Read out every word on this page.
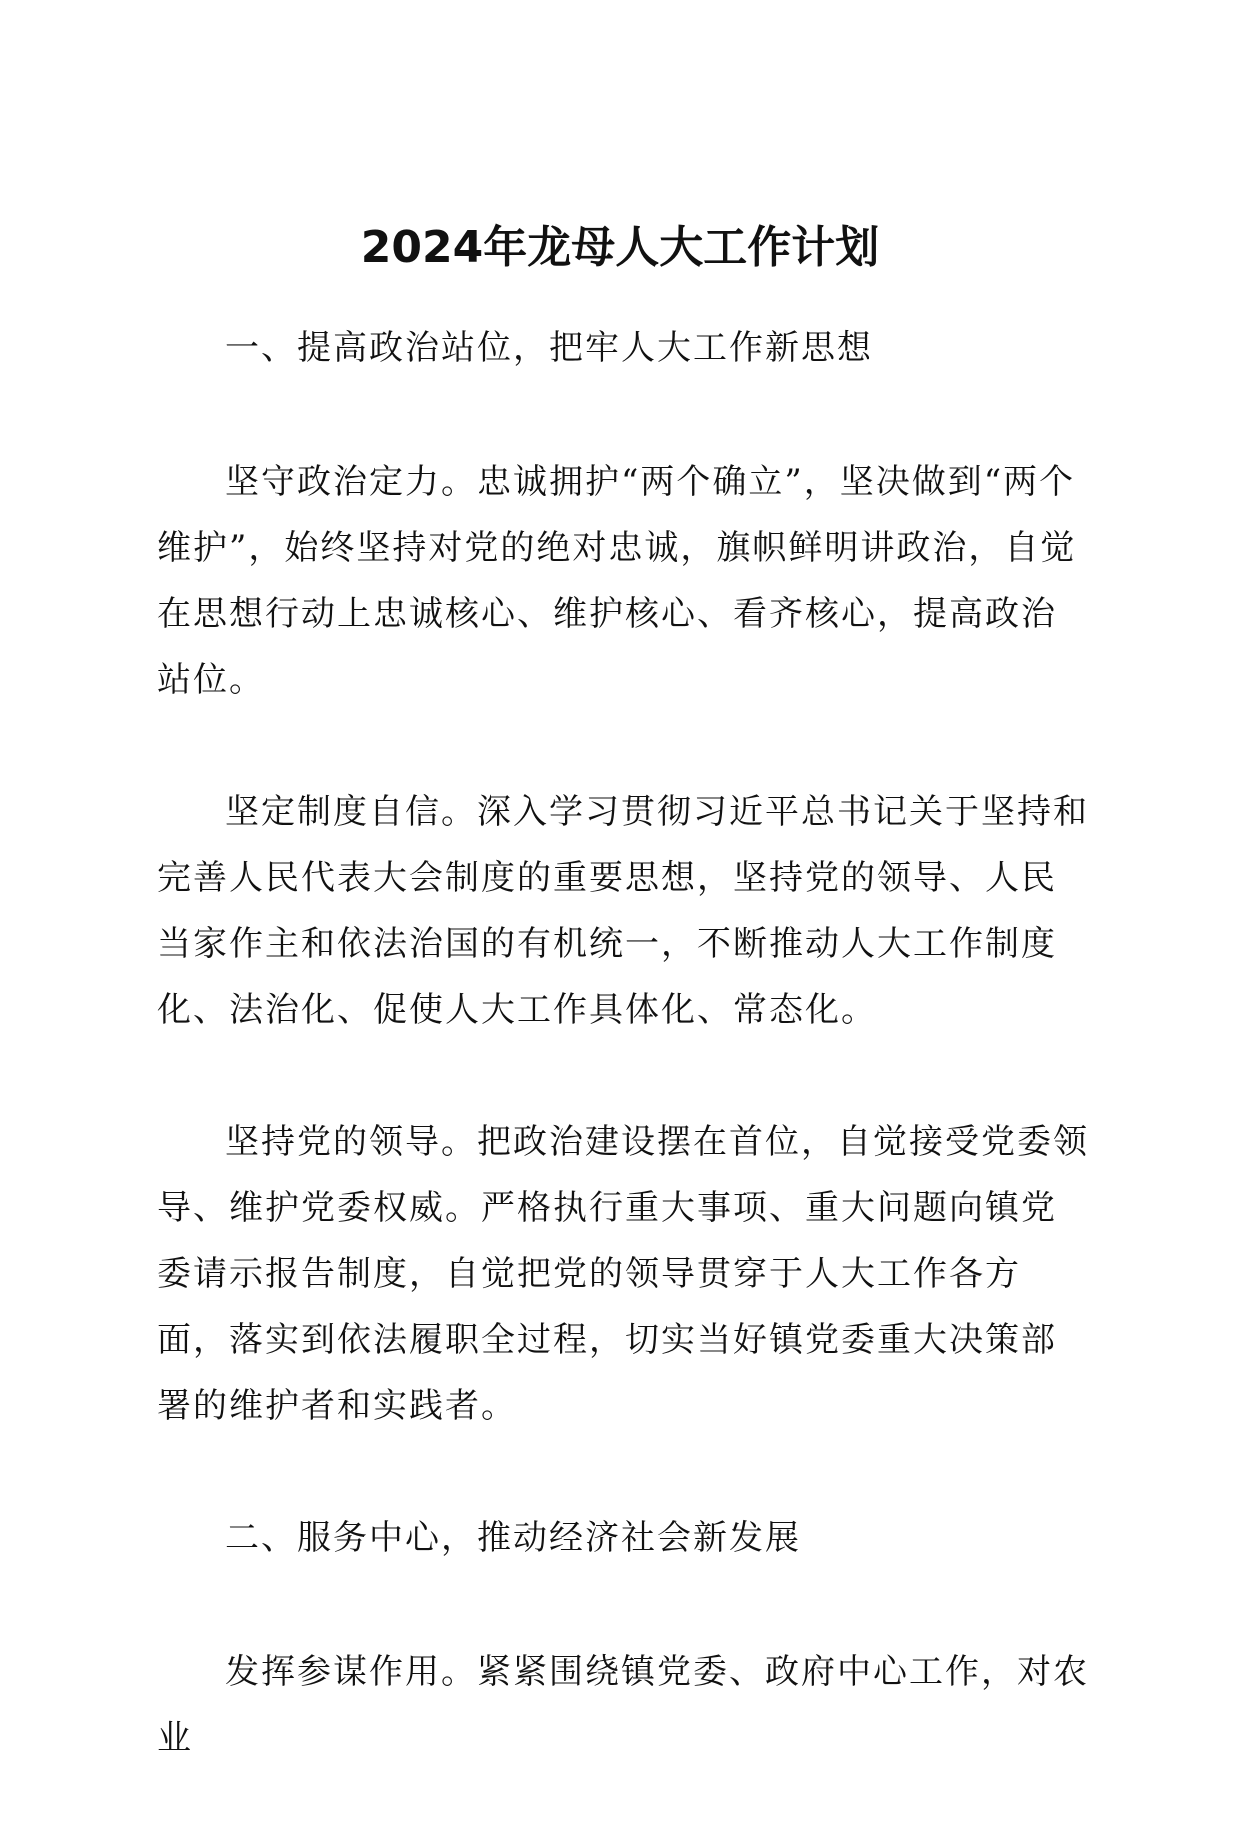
2024年龙母人大工作计划

一、提高政治站位，把牢人大工作新思想

坚守政治定力。忠诚拥护“两个确立”，坚决做到“两个维护”，始终坚持对党的绝对忠诚，旗帜鲜明讲政治，自觉在思想行动上忠诚核心、维护核心、看齐核心，提高政治站位。

坚定制度自信。深入学习贯彻习近平总书记关于坚持和完善人民代表大会制度的重要思想，坚持党的领导、人民当家作主和依法治国的有机统一，不断推动人大工作制度化、法治化、促使人大工作具体化、常态化。

坚持党的领导。把政治建设摆在首位，自觉接受党委领导、维护党委权威。严格执行重大事项、重大问题向镇党委请示报告制度，自觉把党的领导贯穿于人大工作各方面，落实到依法履职全过程，切实当好镇党委重大决策部署的维护者和实践者。

二、服务中心，推动经济社会新发展

发挥参谋作用。紧紧围绕镇党委、政府中心工作，对农业
